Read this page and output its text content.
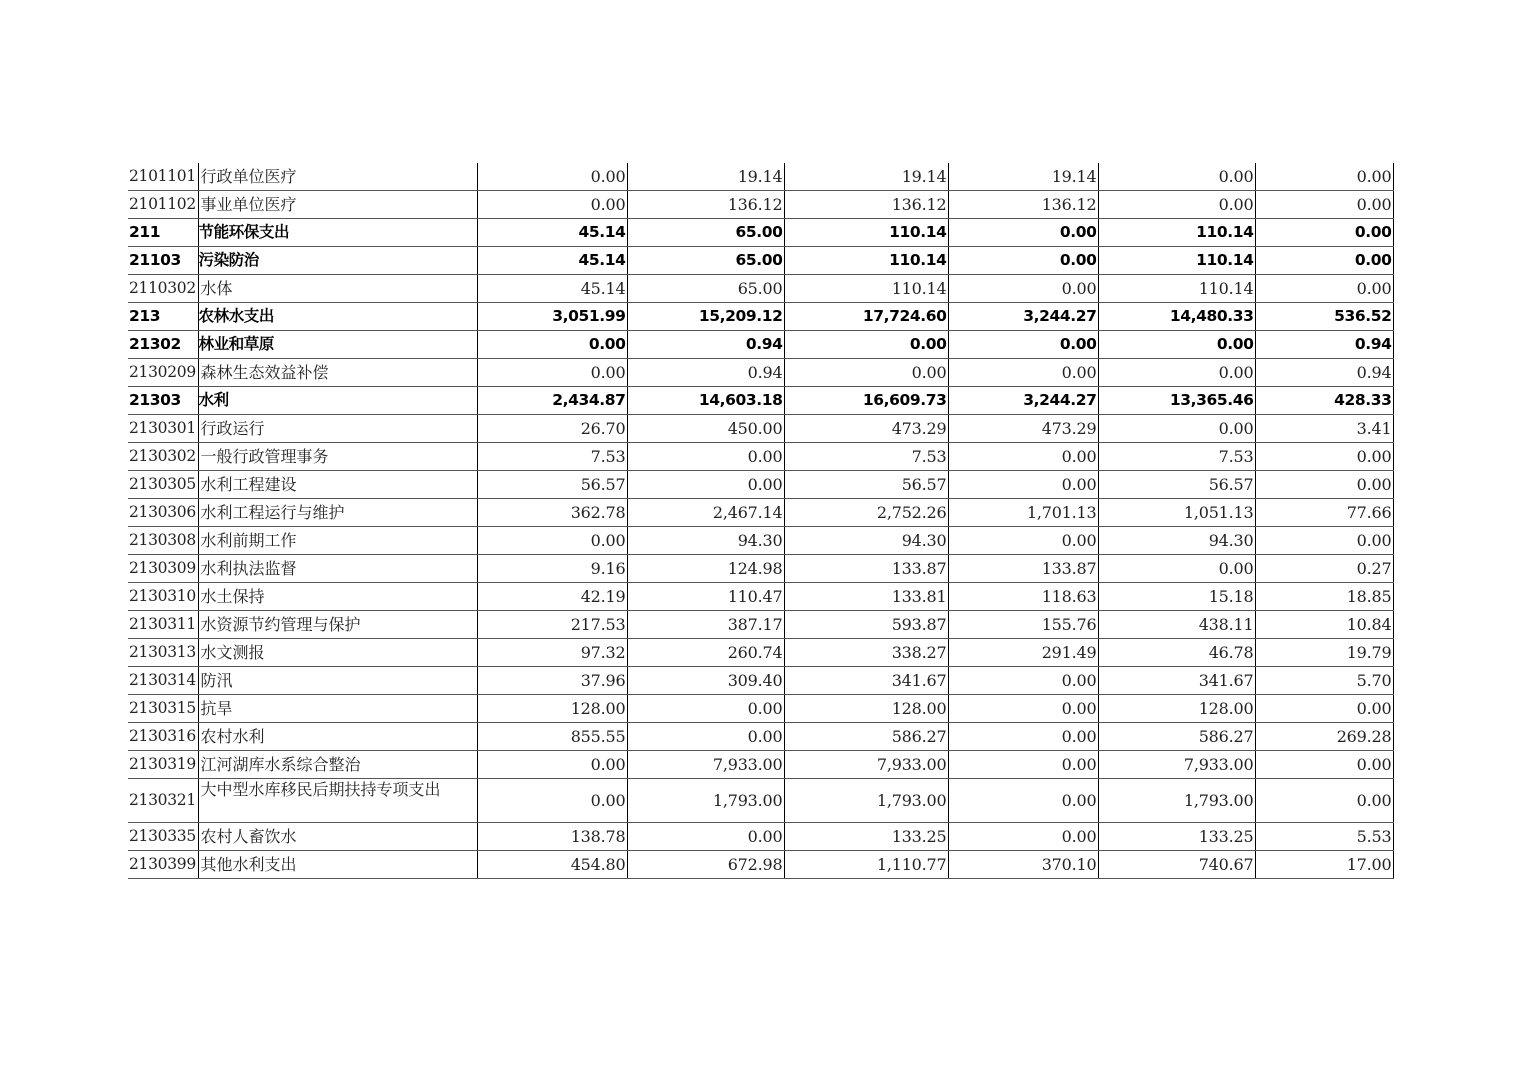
2101101	行政单位医疗	0.00	19.14	19.14	19.14	0.00	0.00
2101102	事业单位医疗	0.00	136.12	136.12	136.12	0.00	0.00
211	节能环保支出	45.14	65.00	110.14	0.00	110.14	0.00
21103	污染防治	45.14	65.00	110.14	0.00	110.14	0.00
2110302	水体	45.14	65.00	110.14	0.00	110.14	0.00
213	农林水支出	3,051.99	15,209.12	17,724.60	3,244.27	14,480.33	536.52
21302	林业和草原	0.00	0.94	0.00	0.00	0.00	0.94
2130209	森林生态效益补偿	0.00	0.94	0.00	0.00	0.00	0.94
21303	水利	2,434.87	14,603.18	16,609.73	3,244.27	13,365.46	428.33
2130301	行政运行	26.70	450.00	473.29	473.29	0.00	3.41
2130302	一般行政管理事务	7.53	0.00	7.53	0.00	7.53	0.00
2130305	水利工程建设	56.57	0.00	56.57	0.00	56.57	0.00
2130306	水利工程运行与维护	362.78	2,467.14	2,752.26	1,701.13	1,051.13	77.66
2130308	水利前期工作	0.00	94.30	94.30	0.00	94.30	0.00
2130309	水利执法监督	9.16	124.98	133.87	133.87	0.00	0.27
2130310	水土保持	42.19	110.47	133.81	118.63	15.18	18.85
2130311	水资源节约管理与保护	217.53	387.17	593.87	155.76	438.11	10.84
2130313	水文测报	97.32	260.74	338.27	291.49	46.78	19.79
2130314	防汛	37.96	309.40	341.67	0.00	341.67	5.70
2130315	抗旱	128.00	0.00	128.00	0.00	128.00	0.00
2130316	农村水利	855.55	0.00	586.27	0.00	586.27	269.28
2130319	江河湖库水系综合整治	0.00	7,933.00	7,933.00	0.00	7,933.00	0.00
2130321	大中型水库移民后期扶持专项支出	0.00	1,793.00	1,793.00	0.00	1,793.00	0.00
2130335	农村人畜饮水	138.78	0.00	133.25	0.00	133.25	5.53
2130399	其他水利支出	454.80	672.98	1,110.77	370.10	740.67	17.00
